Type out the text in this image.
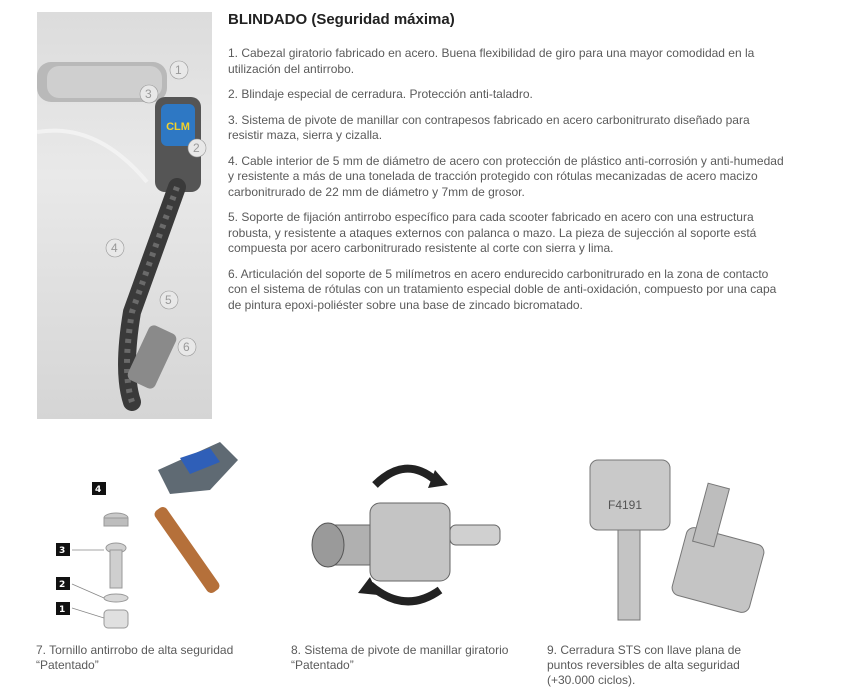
CLM
1
2
3
4
5
6
BLINDADO (Seguridad máxima)
1. Cabezal giratorio fabricado en acero. Buena flexibilidad de giro para una mayor comodidad en la utilización del antirrobo.
2. Blindaje especial de cerradura. Protección anti-taladro.
3. Sistema de pivote de manillar con contrapesos fabricado en acero carbonitrurato diseñado para resistir maza, sierra y cizalla.
4. Cable interior de 5 mm de diámetro de acero con protección de plástico anti-corrosión y anti-humedad y resistente a más de una tonelada de tracción protegido con rótulas mecanizadas de acero macizo carbonitrurado de 22 mm de diámetro y 7mm de grosor.
5. Soporte de fijación antirrobo específico para cada scooter fabricado en acero con una estructura robusta, y resistente a ataques externos con palanca o mazo. La pieza de sujección al soporte está compuesta por acero carbonitrurado resistente al corte con sierra y lima.
6. Articulación del soporte de 5 milímetros en acero endurecido carbonitrurado en la zona de contacto con el sistema de rótulas con un tratamiento especial doble de anti-oxidación, compuesto por una capa de pintura epoxi-poliéster sobre una base de zincado bicromatado.
4
3
2
1
F4191

7. Tornillo antirrobo de alta seguridad “Patentado”

8. Sistema de pivote de manillar giratorio “Patentado”

9. Cerradura STS con llave plana de puntos reversibles de alta seguridad (+30.000 ciclos).
